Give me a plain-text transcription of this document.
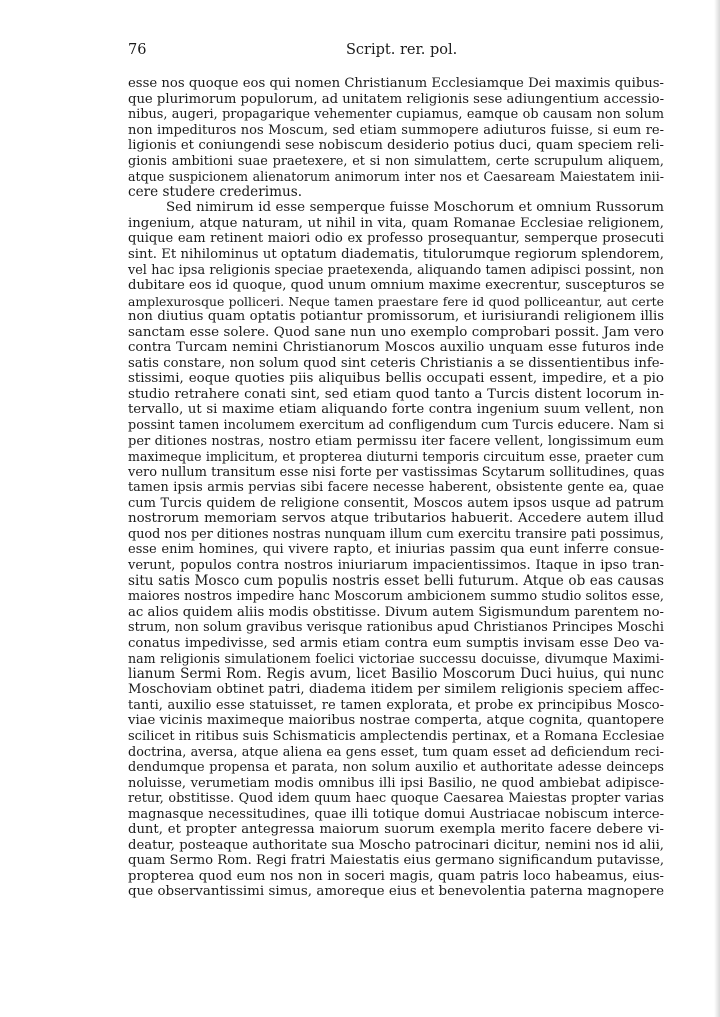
76	Script. rer. pol.
esse nos quoque eos qui nomen Christianum Ecclesiamque Dei maximis quibus-
que plurimorum populorum, ad unitatem religionis sese adiungentium accessio-
nibus, augeri, propagarique vehementer cupiamus, eamque ob causam non solum
non impedituros nos Moscum, sed etiam summopere adiuturos fuisse, si eum re-
ligionis et coniungendi sese nobiscum desiderio potius duci, quam speciem reli-
gionis ambitioni suae praetexere, et si non simulattem, certe scrupulum aliquem,
atque suspicionem alienatorum animorum inter nos et Caesaream Maiestatem inii-
cere studere crederimus.
Sed nimirum id esse semperque fuisse Moschorum et omnium Russorum
ingenium, atque naturam, ut nihil in vita, quam Romanae Ecclesiae religionem,
quique eam retinent maiori odio ex professo prosequantur, semperque prosecuti
sint. Et nihilominus ut optatum diadematis, titulorumque regiorum splendorem,
vel hac ipsa religionis speciae praetexenda, aliquando tamen adipisci possint, non
dubitare eos id quoque, quod unum omnium maxime execrentur, suscepturos se
amplexurosque polliceri. Neque tamen praestare fere id quod polliceantur, aut certe
non diutius quam optatis potiantur promissorum, et iurisiurandi religionem illis
sanctam esse solere. Quod sane nun uno exemplo comprobari possit. Jam vero
contra Turcam nemini Christianorum Moscos auxilio unquam esse futuros inde
satis constare, non solum quod sint ceteris Christianis a se dissentientibus infe-
stissimi, eoque quoties piis aliquibus bellis occupati essent, impedire, et a pio
studio retrahere conati sint, sed etiam quod tanto a Turcis distent locorum in-
tervallo, ut si maxime etiam aliquando forte contra ingenium suum vellent, non
possint tamen incolumem exercitum ad confligendum cum Turcis educere. Nam si
per ditiones nostras, nostro etiam permissu iter facere vellent, longissimum eum
maximeque implicitum, et propterea diuturni temporis circuitum esse, praeter cum
vero nullum transitum esse nisi forte per vastissimas Scytarum sollitudines, quas
tamen ipsis armis pervias sibi facere necesse haberent, obsistente gente ea, quae
cum Turcis quidem de religione consentit, Moscos autem ipsos usque ad patrum
nostrorum memoriam servos atque tributarios habuerit. Accedere autem illud
quod nos per ditiones nostras nunquam illum cum exercitu transire pati possimus,
esse enim homines, qui vivere rapto, et iniurias passim qua eunt inferre consue-
verunt, populos contra nostros iniuriarum impacientissimos. Itaque in ipso tran-
situ satis Mosco cum populis nostris esset belli futurum. Atque ob eas causas
maiores nostros impedire hanc Moscorum ambicionem summo studio solitos esse,
ac alios quidem aliis modis obstitisse. Divum autem Sigismundum parentem no-
strum, non solum gravibus verisque rationibus apud Christianos Principes Moschi
conatus impedivisse, sed armis etiam contra eum sumptis invisam esse Deo va-
nam religionis simulationem foelici victoriae successu docuisse, divumque Maximi-
lianum Sermi Rom. Regis avum, licet Basilio Moscorum Duci huius, qui nunc
Moschoviam obtinet patri, diadema itidem per similem religionis speciem affec-
tanti, auxilio esse statuisset, re tamen explorata, et probe ex principibus Mosco-
viae vicinis maximeque maioribus nostrae comperta, atque cognita, quantopere
scilicet in ritibus suis Schismaticis amplectendis pertinax, et a Romana Ecclesiae
doctrina, aversa, atque aliena ea gens esset, tum quam esset ad deficiendum reci-
dendumque propensa et parata, non solum auxilio et authoritate adesse deinceps
noluisse, verumetiam modis omnibus illi ipsi Basilio, ne quod ambiebat adipisce-
retur, obstitisse. Quod idem quum haec quoque Caesarea Maiestas propter varias
magnasque necessitudines, quae illi totique domui Austriacae nobiscum interce-
dunt, et propter antegressa maiorum suorum exempla merito facere debere vi-
deatur, posteaque authoritate sua Moscho patrocinari dicitur, nemini nos id alii,
quam Sermo Rom. Regi fratri Maiestatis eius germano significandum putavisse,
propterea quod eum nos non in soceri magis, quam patris loco habeamus, eius-
que observantissimi simus, amoreque eius et benevolentia paterna magnopere
